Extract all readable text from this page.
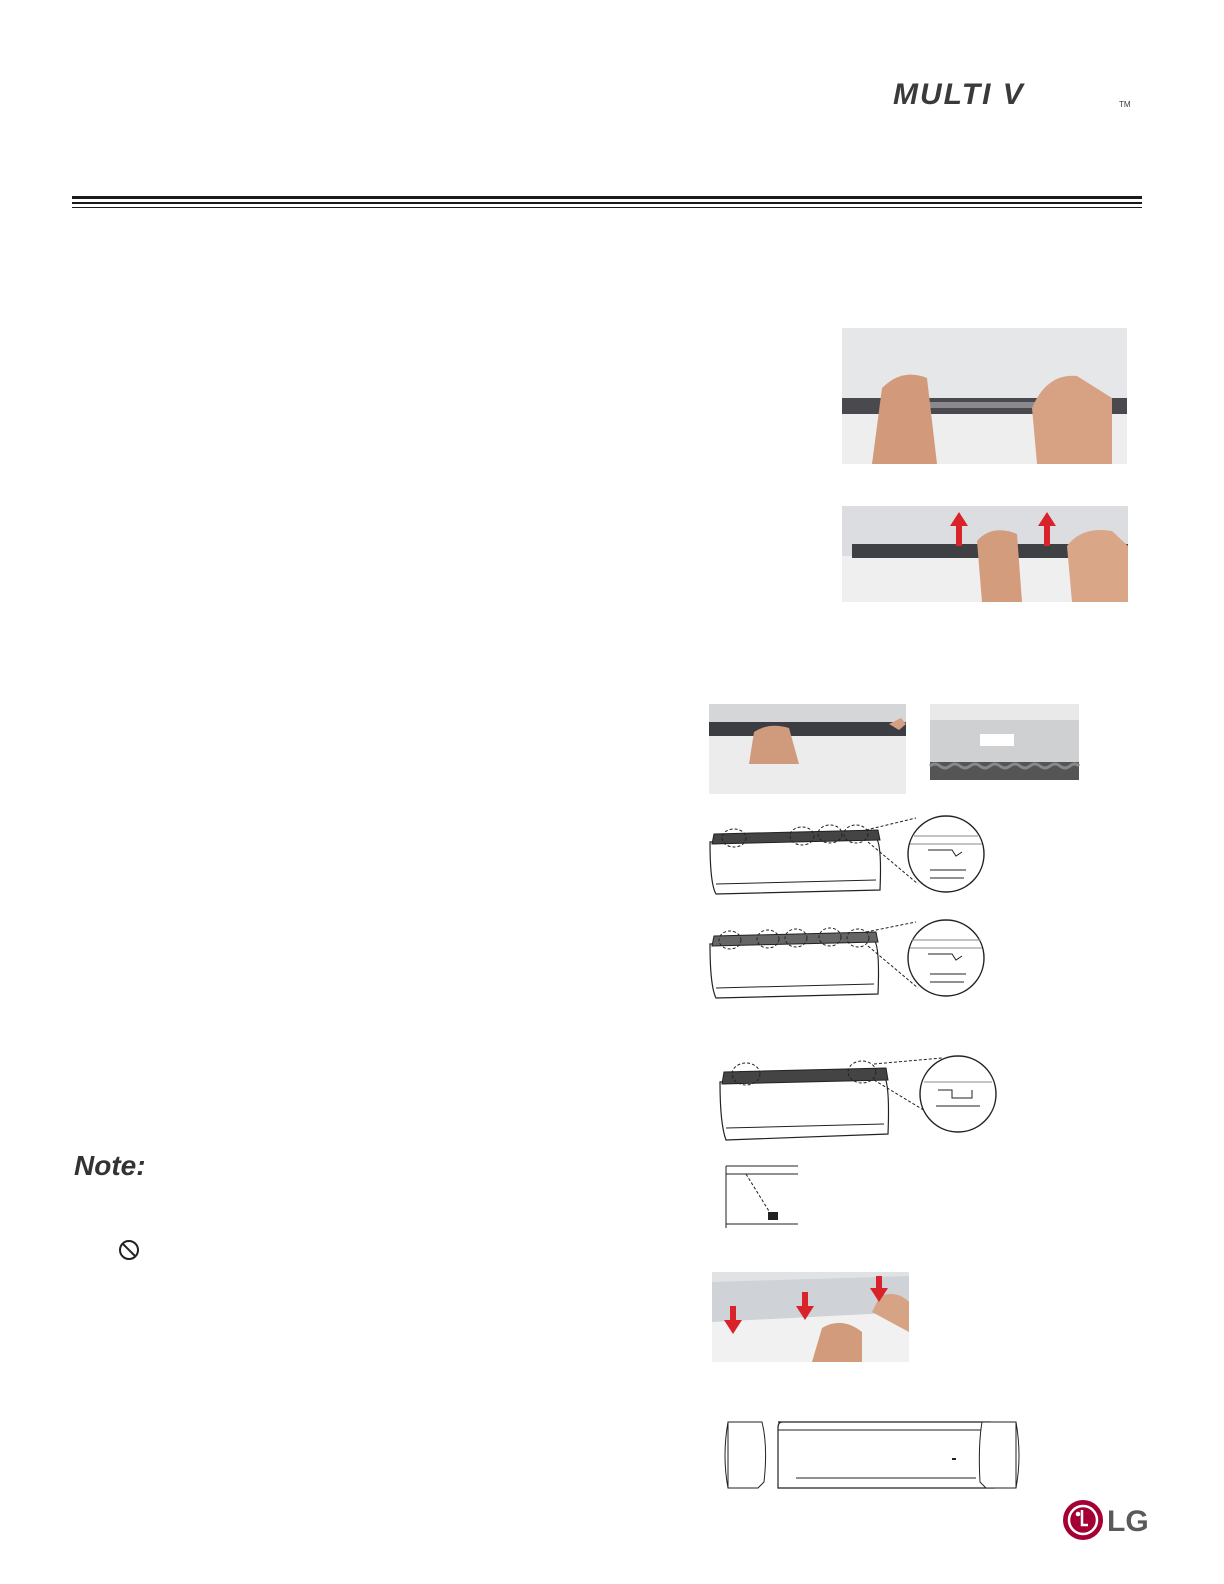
MULTI V	TM
Note:
LG
